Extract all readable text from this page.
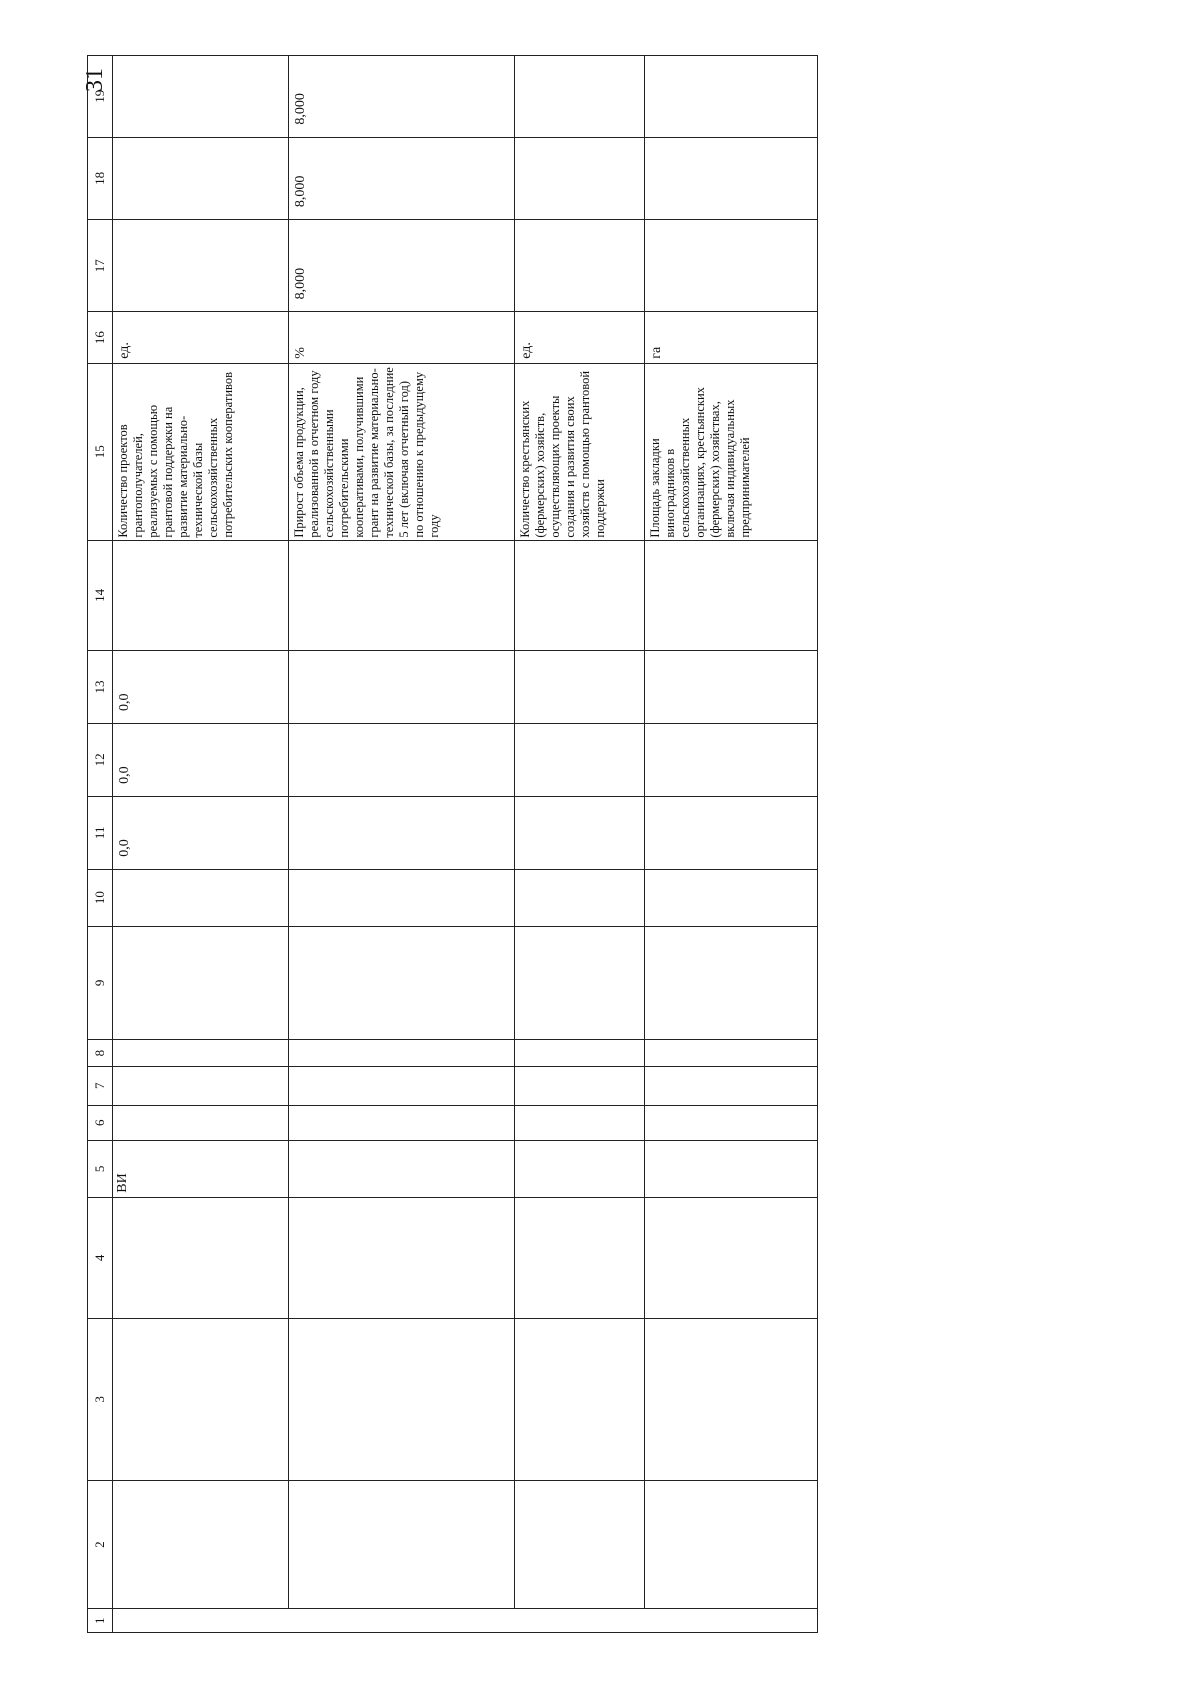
31
1	2	3	4	5	6	7	8	9	10	11	12	13	14	15	16	17	18	19
				ВИ						0,0	0,0	0,0		Количество проектов грантополучателей, реализуемых с помощью грантовой поддержки на развитие материально-технической базы сельскохозяйственных потребительских кооперативов	ед.			
														Прирост объема продукции, реализованной в отчетном году сельскохозяйственными потребительскими кооперативами, получившими грант на развитие материально-технической базы, за последние 5 лет (включая отчетный год) по отношению к предыдущему году	%	8,000	8,000	8,000
														Количество крестьянских (фермерских) хозяйств, осуществляющих проекты создания и развития своих хозяйств с помощью грантовой поддержки	ед.			
														Площадь закладки виноградников в сельскохозяйственных организациях, крестьянских (фермерских) хозяйствах, включая индивидуальных предпринимателей	га			
